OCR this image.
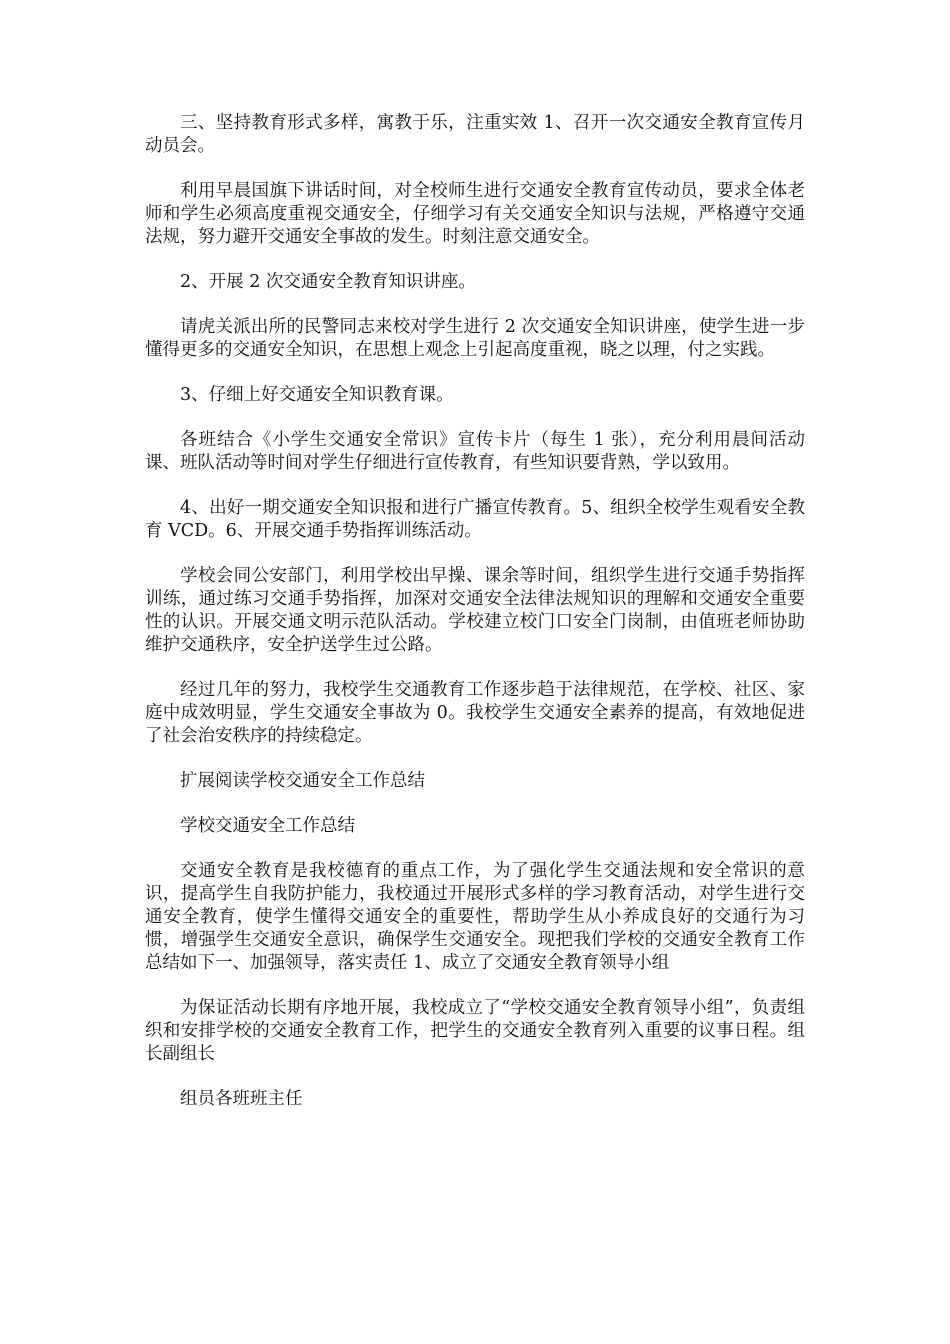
三、坚持教育形式多样，寓教于乐，注重实效 1、召开一次交通安全教育宣传月动员会。

利用早晨国旗下讲话时间，对全校师生进行交通安全教育宣传动员，要求全体老师和学生必须高度重视交通安全，仔细学习有关交通安全知识与法规，严格遵守交通法规，努力避开交通安全事故的发生。时刻注意交通安全。

2、开展 2 次交通安全教育知识讲座。

请虎关派出所的民警同志来校对学生进行 2 次交通安全知识讲座，使学生进一步懂得更多的交通安全知识，在思想上观念上引起高度重视，晓之以理，付之实践。

3、仔细上好交通安全知识教育课。

各班结合《小学生交通安全常识》宣传卡片（每生 1 张），充分利用晨间活动课、班队活动等时间对学生仔细进行宣传教育，有些知识要背熟，学以致用。

4、出好一期交通安全知识报和进行广播宣传教育。5、组织全校学生观看安全教育 VCD。6、开展交通手势指挥训练活动。

学校会同公安部门，利用学校出早操、课余等时间，组织学生进行交通手势指挥训练，通过练习交通手势指挥，加深对交通安全法律法规知识的理解和交通安全重要性的认识。开展交通文明示范队活动。学校建立校门口安全门岗制，由值班老师协助维护交通秩序，安全护送学生过公路。

经过几年的努力，我校学生交通教育工作逐步趋于法律规范，在学校、社区、家庭中成效明显，学生交通安全事故为 0。我校学生交通安全素养的提高，有效地促进了社会治安秩序的持续稳定。

扩展阅读学校交通安全工作总结

学校交通安全工作总结

交通安全教育是我校德育的重点工作，为了强化学生交通法规和安全常识的意识，提高学生自我防护能力，我校通过开展形式多样的学习教育活动，对学生进行交通安全教育，使学生懂得交通安全的重要性，帮助学生从小养成良好的交通行为习惯，增强学生交通安全意识，确保学生交通安全。现把我们学校的交通安全教育工作总结如下一、加强领导，落实责任 1、成立了交通安全教育领导小组

为保证活动长期有序地开展，我校成立了“学校交通安全教育领导小组”，负责组织和安排学校的交通安全教育工作，把学生的交通安全教育列入重要的议事日程。组长副组长

组员各班班主任
